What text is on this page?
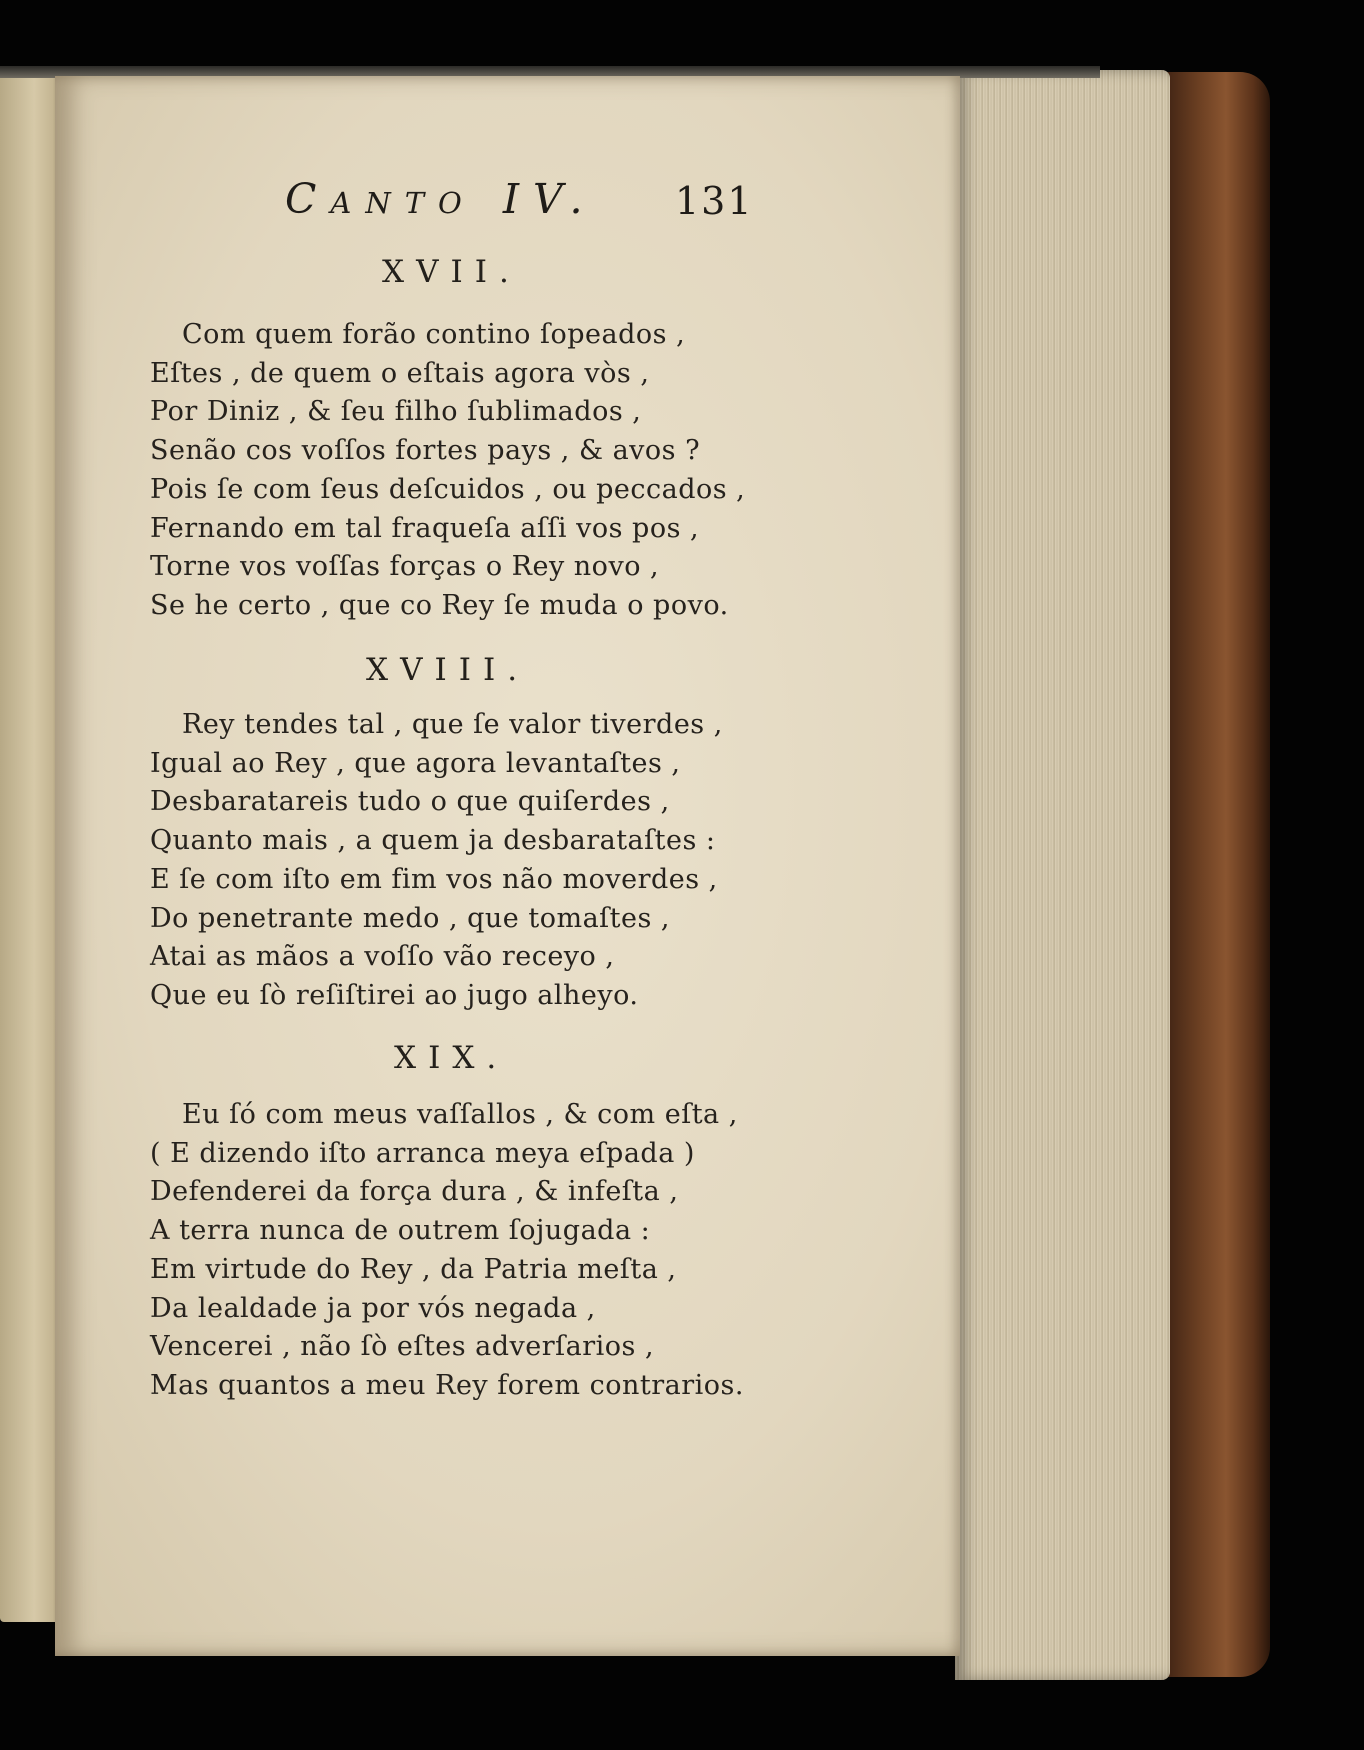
Canto IV. 131
XVII.
Com quem forão contino ſopeados ,
Eſtes , de quem o eſtais agora vòs ,
Por Diniz , & ſeu filho ſublimados ,
Senão cos voſſos fortes pays , & avos ?
Pois ſe com ſeus deſcuidos , ou peccados ,
Fernando em tal fraqueſa aſſi vos pos ,
Torne vos voſſas forças o Rey novo ,
Se he certo , que co Rey ſe muda o povo.
XVIII.
Rey tendes tal , que ſe valor tiverdes ,
Igual ao Rey , que agora levantaſtes ,
Desbaratareis tudo o que quiſerdes ,
Quanto mais , a quem ja desbarataſtes :
E ſe com iſto em fim vos não moverdes ,
Do penetrante medo , que tomaſtes ,
Atai as mãos a voſſo vão receyo ,
Que eu ſò reſiſtirei ao jugo alheyo.
XIX.
Eu ſó com meus vaſſallos , & com eſta ,
( E dizendo iſto arranca meya eſpada )
Defenderei da força dura , & infeſta ,
A terra nunca de outrem ſojugada :
Em virtude do Rey , da Patria meſta ,
Da lealdade ja por vós negada ,
Vencerei , não ſò eſtes adverſarios ,
Mas quantos a meu Rey forem contrarios.
